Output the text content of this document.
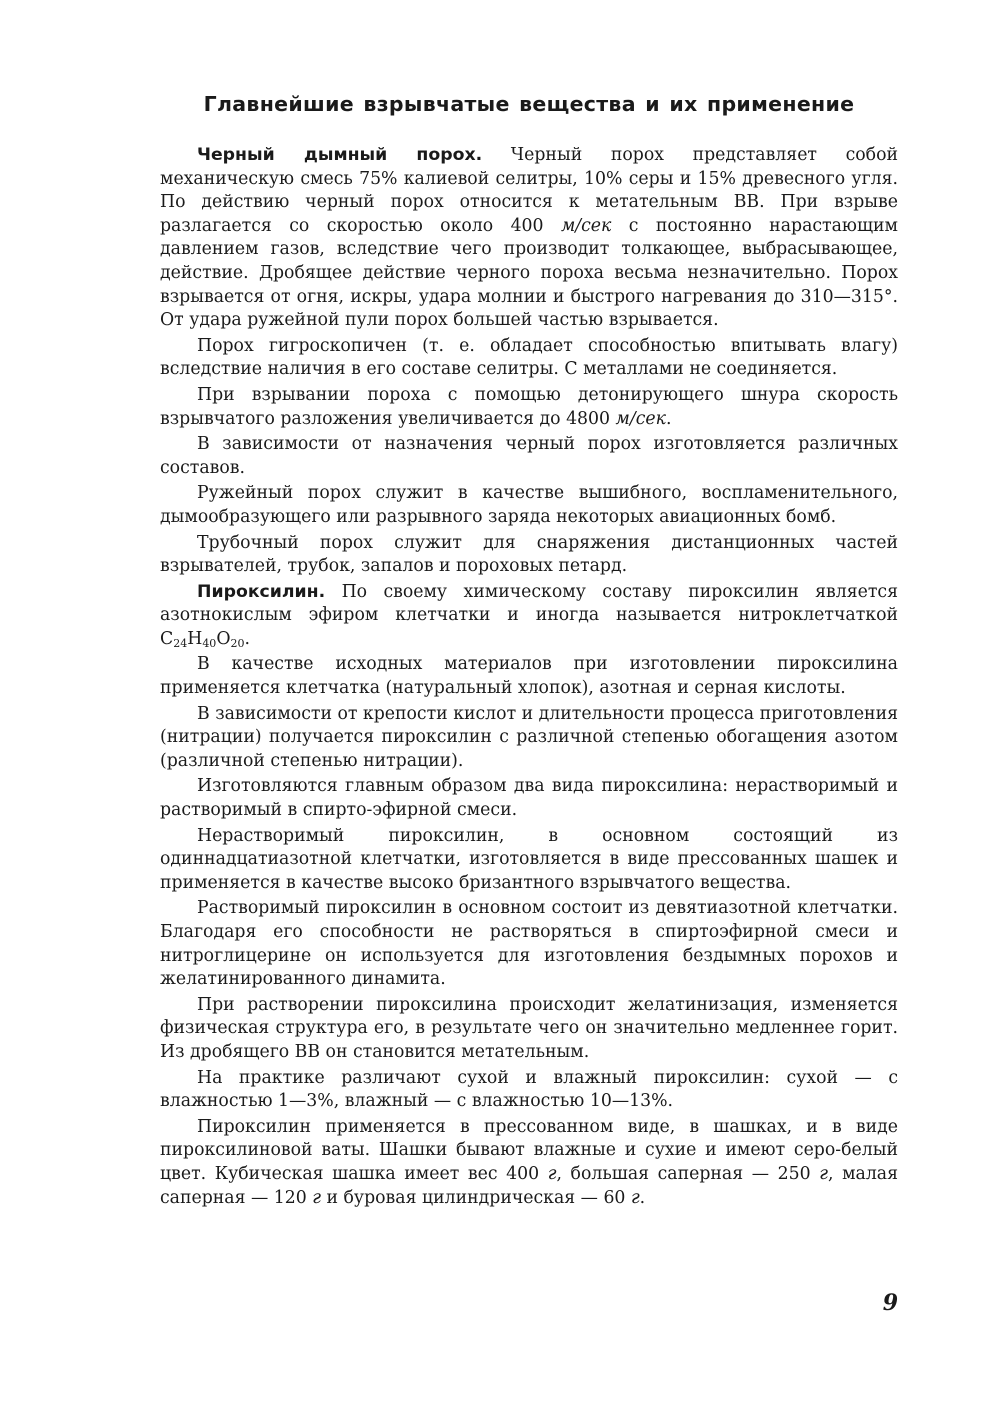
Главнейшие взрывчатые вещества и их применение

Черный дымный порох. Черный порох представляет собой механическую смесь 75% калиевой селитры, 10% серы и 15% древесного угля. По действию черный порох относится к метательным ВВ. При взрыве разлагается со скоростью около 400 м/сек с постоянно нарастающим давлением газов, вследствие чего производит толкающее, выбрасывающее, действие. Дробящее действие черного пороха весьма незначительно. Порох взрывается от огня, искры, удара молнии и быстрого нагревания до 310—315°. От удара ружейной пули порох большей частью взрывается.

Порох гигроскопичен (т. е. обладает способностью впитывать влагу) вследствие наличия в его составе селитры. С металлами не соединяется.

При взрывании пороха с помощью детонирующего шнура скорость взрывчатого разложения увеличивается до 4800 м/сек.

В зависимости от назначения черный порох изготовляется различных составов.

Ружейный порох служит в качестве вышибного, воспламенительного, дымообразующего или разрывного заряда некоторых авиационных бомб.

Трубочный порох служит для снаряжения дистанционных частей взрывателей, трубок, запалов и пороховых петард.

Пироксилин. По своему химическому составу пироксилин является азотнокислым эфиром клетчатки и иногда называется нитроклетчаткой $C_{24}H_{40}O_{20}$.

В качестве исходных материалов при изготовлении пироксилина применяется клетчатка (натуральный хлопок), азотная и серная кислоты.

В зависимости от крепости кислот и длительности процесса приготовления (нитрации) получается пироксилин с различной степенью обогащения азотом (различной степенью нитрации).

Изготовляются главным образом два вида пироксилина: нерастворимый и растворимый в спирто-эфирной смеси.

Нерастворимый пироксилин, в основном состоящий из одиннадцатиазотной клетчатки, изготовляется в виде прессованных шашек и применяется в качестве высоко бризантного взрывчатого вещества.

Растворимый пироксилин в основном состоит из девятиазотной клетчатки. Благодаря его способности не растворяться в спиртоэфирной смеси и нитроглицерине он используется для изготовления бездымных порохов и желатинированного динамита.

При растворении пироксилина происходит желатинизация, изменяется физическая структура его, в результате чего он значительно медленнее горит. Из дробящего ВВ он становится метательным.

На практике различают сухой и влажный пироксилин: сухой — с влажностью 1—3%, влажный — с влажностью 10—13%.

Пироксилин применяется в прессованном виде, в шашках, и в виде пироксилиновой ваты. Шашки бывают влажные и сухие и имеют серо-белый цвет. Кубическая шашка имеет вес 400 г, большая саперная — 250 г, малая саперная — 120 г и буровая цилиндрическая — 60 г.

9
